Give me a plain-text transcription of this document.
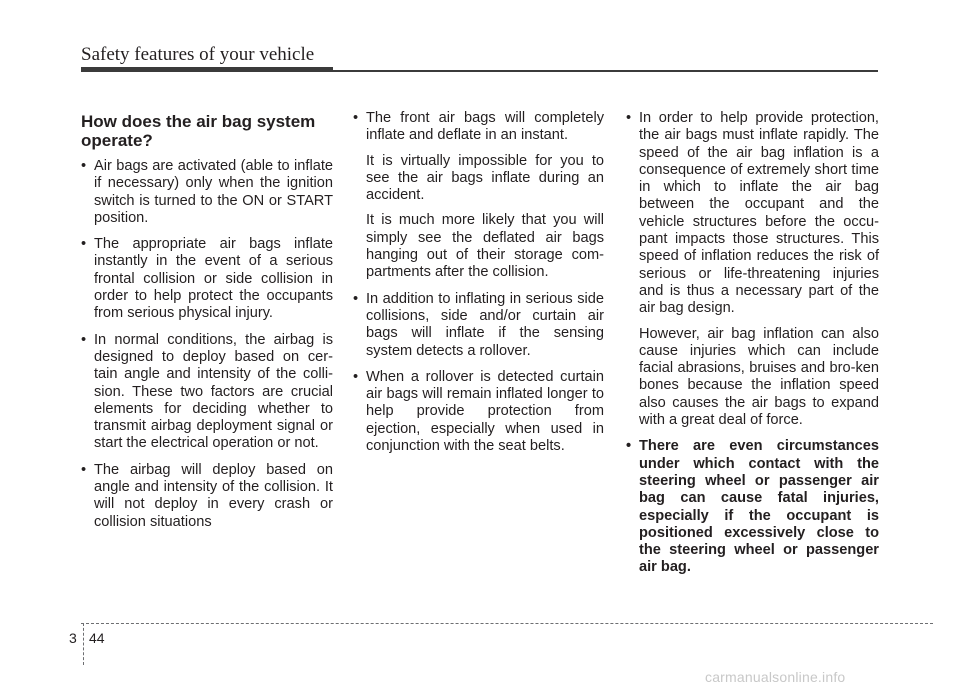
Safety features of your vehicle
How does the air bag system operate?

• Air bags are activated (able to inflate if necessary) only when the ignition switch is turned to the ON or START position.

• The appropriate air bags inflate instantly in the event of a serious frontal collision or side collision in order to help protect the occupants from serious physical injury.

• In normal conditions, the airbag is designed to deploy based on cer-tain angle and intensity of the colli-sion. These two factors are crucial elements for deciding whether to transmit airbag deployment signal or start the electrical operation or not.

• The airbag will deploy based on angle and intensity of the collision. It will not deploy in every crash or collision situations

• The front air bags will completely inflate and deflate in an instant.

It is virtually impossible for you to see the air bags inflate during an accident.

It is much more likely that you will simply see the deflated air bags hanging out of their storage com-partments after the collision.

• In addition to inflating in serious side collisions, side and/or curtain air bags will inflate if the sensing system detects a rollover.

• When a rollover is detected curtain air bags will remain inflated longer to help provide protection from ejection, especially when used in conjunction with the seat belts.

• In order to help provide protection, the air bags must inflate rapidly. The speed of the air bag inflation is a consequence of extremely short time in which to inflate the air bag between the occupant and the vehicle structures before the occu-pant impacts those structures. This speed of inflation reduces the risk of serious or life-threatening injuries and is thus a necessary part of the air bag design.

However, air bag inflation can also cause injuries which can include facial abrasions, bruises and bro-ken bones because the inflation speed also causes the air bags to expand with a great deal of force.

• There are even circumstances under which contact with the steering wheel or passenger air bag can cause fatal injuries, especially if the occupant is positioned excessively close to the steering wheel or passenger air bag.

3 44
carmanualsonline.info
